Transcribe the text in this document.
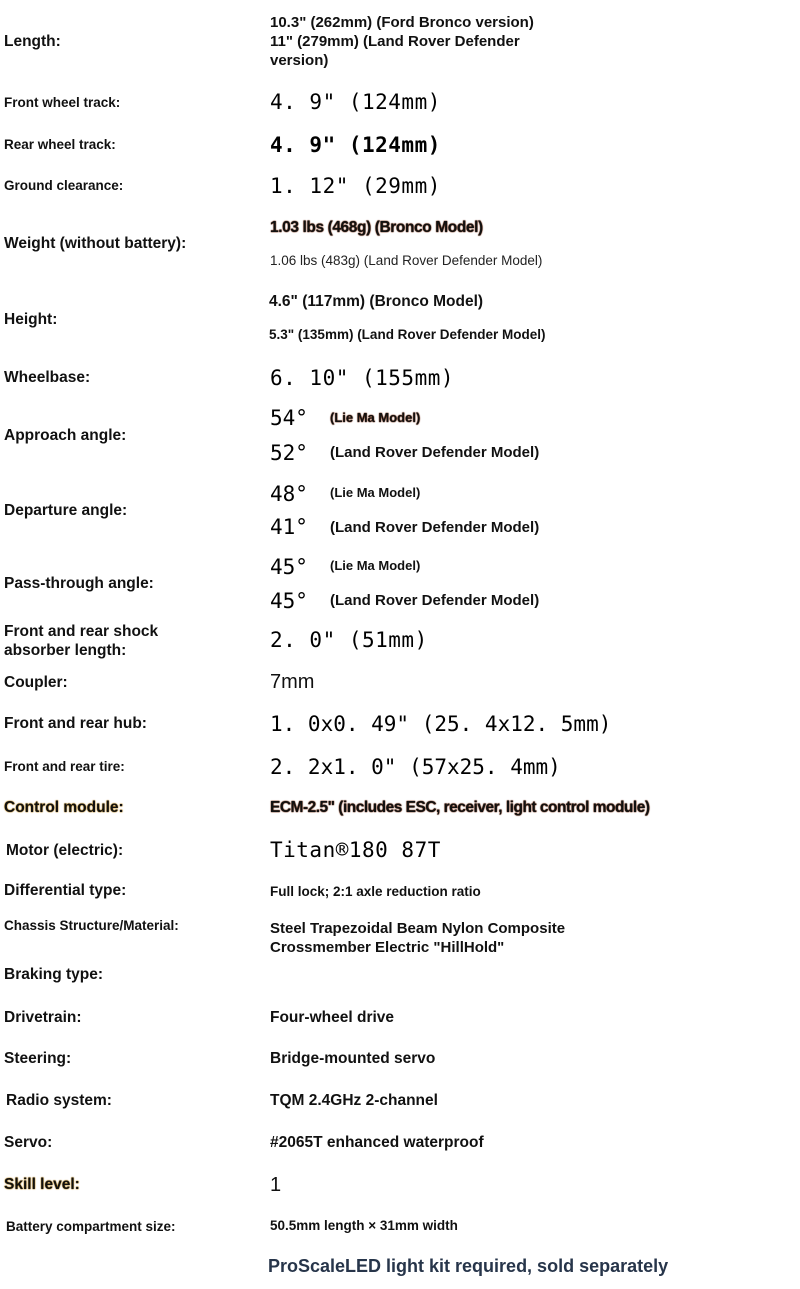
Length:
10.3" (262mm) (Ford Bronco version) 11" (279mm) (Land Rover Defender version)
Front wheel track:	4. 9" (124mm)
Rear wheel track:	4. 9" (124mm)
Ground clearance:	1. 12" (29mm)
Weight (without battery):
1.03 lbs (468g) (Bronco Model)
1.06 lbs (483g) (Land Rover Defender Model)
Height:
4.6" (117mm) (Bronco Model)
5.3" (135mm) (Land Rover Defender Model)
Wheelbase:	6. 10" (155mm)
Approach angle:
54° (Lie Ma Model)
52° (Land Rover Defender Model)
Departure angle:
48° (Lie Ma Model)
41° (Land Rover Defender Model)
Pass-through angle:
45° (Lie Ma Model)
45° (Land Rover Defender Model)
Front and rear shock absorber length:	2. 0" (51mm)
Coupler:	7mm
Front and rear hub:	1. 0x0. 49" (25. 4x12. 5mm)
Front and rear tire:	2. 2x1. 0" (57x25. 4mm)
Control module:	ECM-2.5" (includes ESC, receiver, light control module)
Motor (electric):	Titan®180 87T
Differential type:	Full lock; 2:1 axle reduction ratio
Chassis Structure/Material:	Steel Trapezoidal Beam Nylon Composite Crossmember Electric "HillHold"
Braking type:
Drivetrain:	Four-wheel drive
Steering:	Bridge-mounted servo
Radio system:	TQM 2.4GHz 2-channel
Servo:	#2065T enhanced waterproof
Skill level:	1
Battery compartment size:	50.5mm length × 31mm width
ProScaleLED light kit required, sold separately
